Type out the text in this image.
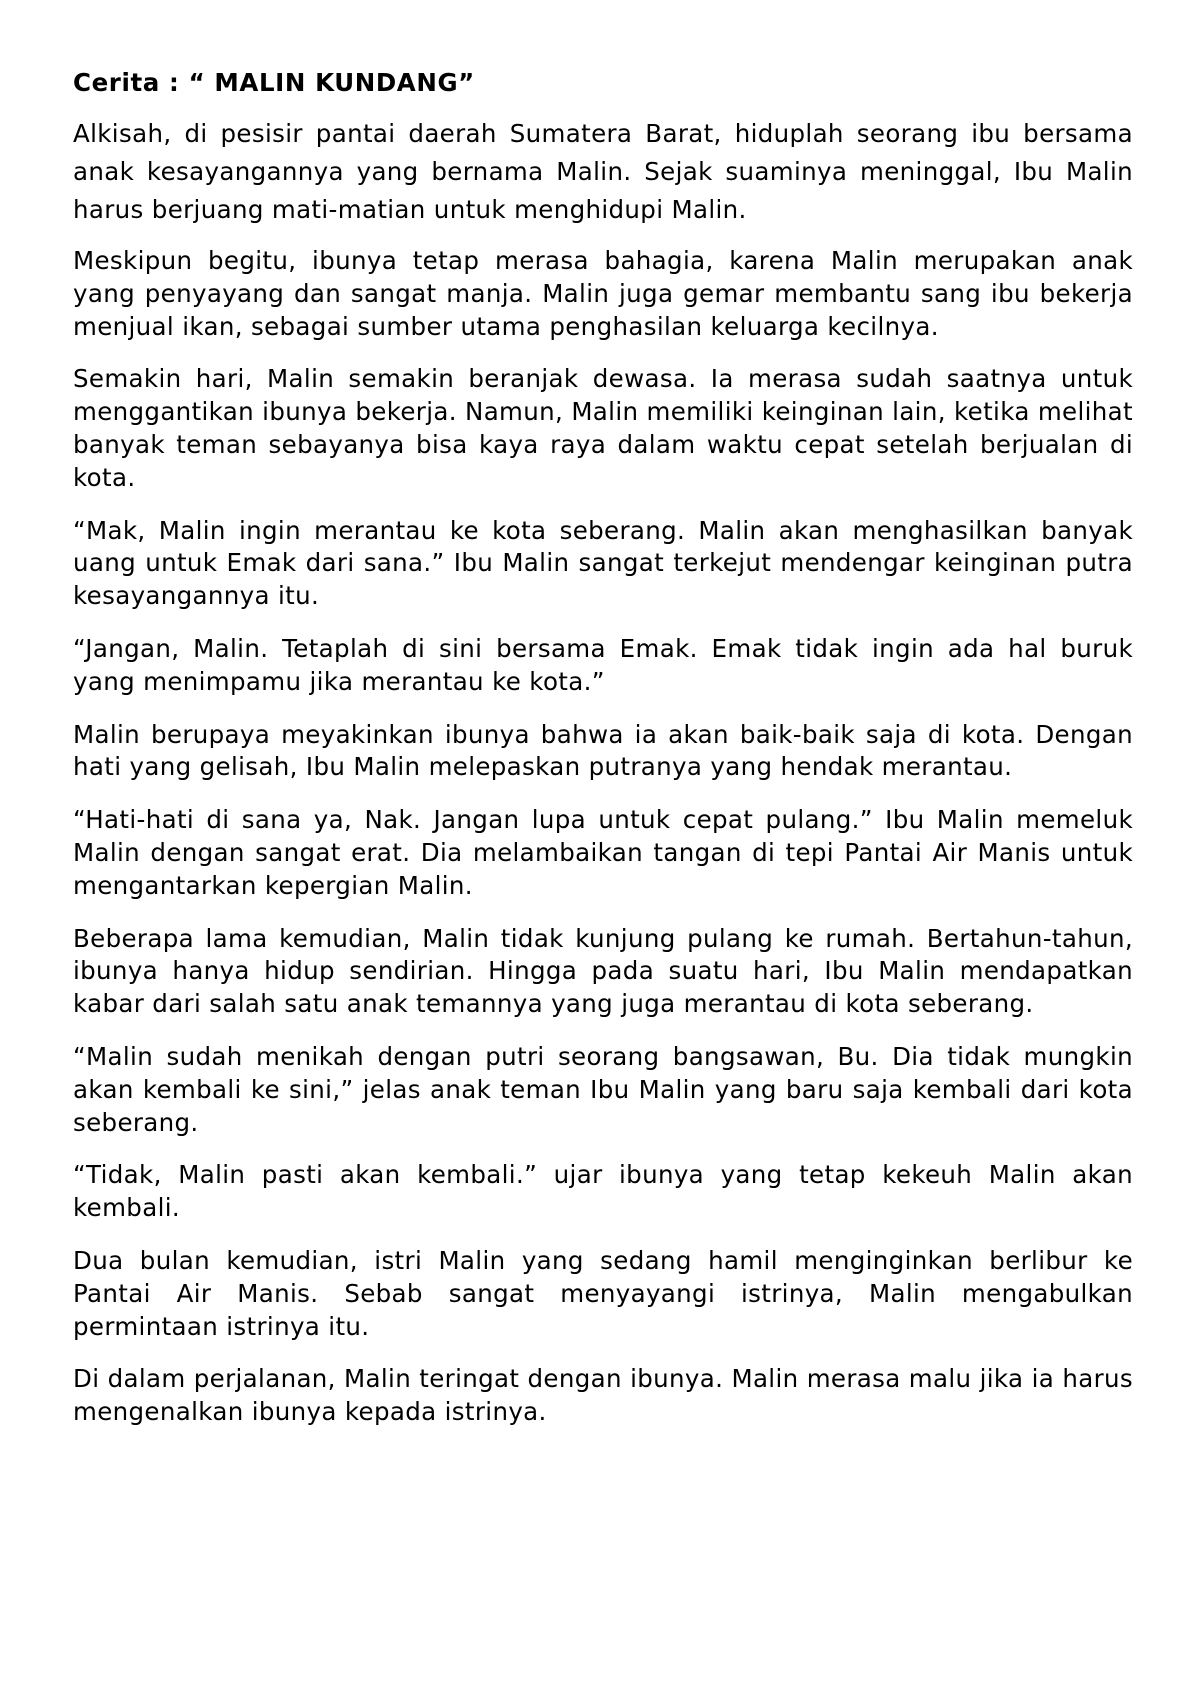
Cerita : “ MALIN KUNDANG”

Alkisah, di pesisir pantai daerah Sumatera Barat, hiduplah seorang ibu bersama anak kesayangannya yang bernama Malin. Sejak suaminya meninggal, Ibu Malin harus berjuang mati-matian untuk menghidupi Malin.

Meskipun begitu, ibunya tetap merasa bahagia, karena Malin merupakan anak yang penyayang dan sangat manja. Malin juga gemar membantu sang ibu bekerja menjual ikan, sebagai sumber utama penghasilan keluarga kecilnya.

Semakin hari, Malin semakin beranjak dewasa. Ia merasa sudah saatnya untuk menggantikan ibunya bekerja. Namun, Malin memiliki keinginan lain, ketika melihat banyak teman sebayanya bisa kaya raya dalam waktu cepat setelah berjualan di kota.

“Mak, Malin ingin merantau ke kota seberang. Malin akan menghasilkan banyak uang untuk Emak dari sana.” Ibu Malin sangat terkejut mendengar keinginan putra kesayangannya itu.

“Jangan, Malin. Tetaplah di sini bersama Emak. Emak tidak ingin ada hal buruk yang menimpamu jika merantau ke kota.”

Malin berupaya meyakinkan ibunya bahwa ia akan baik-baik saja di kota. Dengan hati yang gelisah, Ibu Malin melepaskan putranya yang hendak merantau.

“Hati-hati di sana ya, Nak. Jangan lupa untuk cepat pulang.” Ibu Malin memeluk Malin dengan sangat erat. Dia melambaikan tangan di tepi Pantai Air Manis untuk mengantarkan kepergian Malin.

Beberapa lama kemudian, Malin tidak kunjung pulang ke rumah. Bertahun-tahun, ibunya hanya hidup sendirian. Hingga pada suatu hari, Ibu Malin mendapatkan kabar dari salah satu anak temannya yang juga merantau di kota seberang.

“Malin sudah menikah dengan putri seorang bangsawan, Bu. Dia tidak mungkin akan kembali ke sini,” jelas anak teman Ibu Malin yang baru saja kembali dari kota seberang.

“Tidak, Malin pasti akan kembali.” ujar ibunya yang tetap kekeuh Malin akan kembali.

Dua bulan kemudian, istri Malin yang sedang hamil menginginkan berlibur ke Pantai Air Manis. Sebab sangat menyayangi istrinya, Malin mengabulkan permintaan istrinya itu.

Di dalam perjalanan, Malin teringat dengan ibunya. Malin merasa malu jika ia harus mengenalkan ibunya kepada istrinya.
